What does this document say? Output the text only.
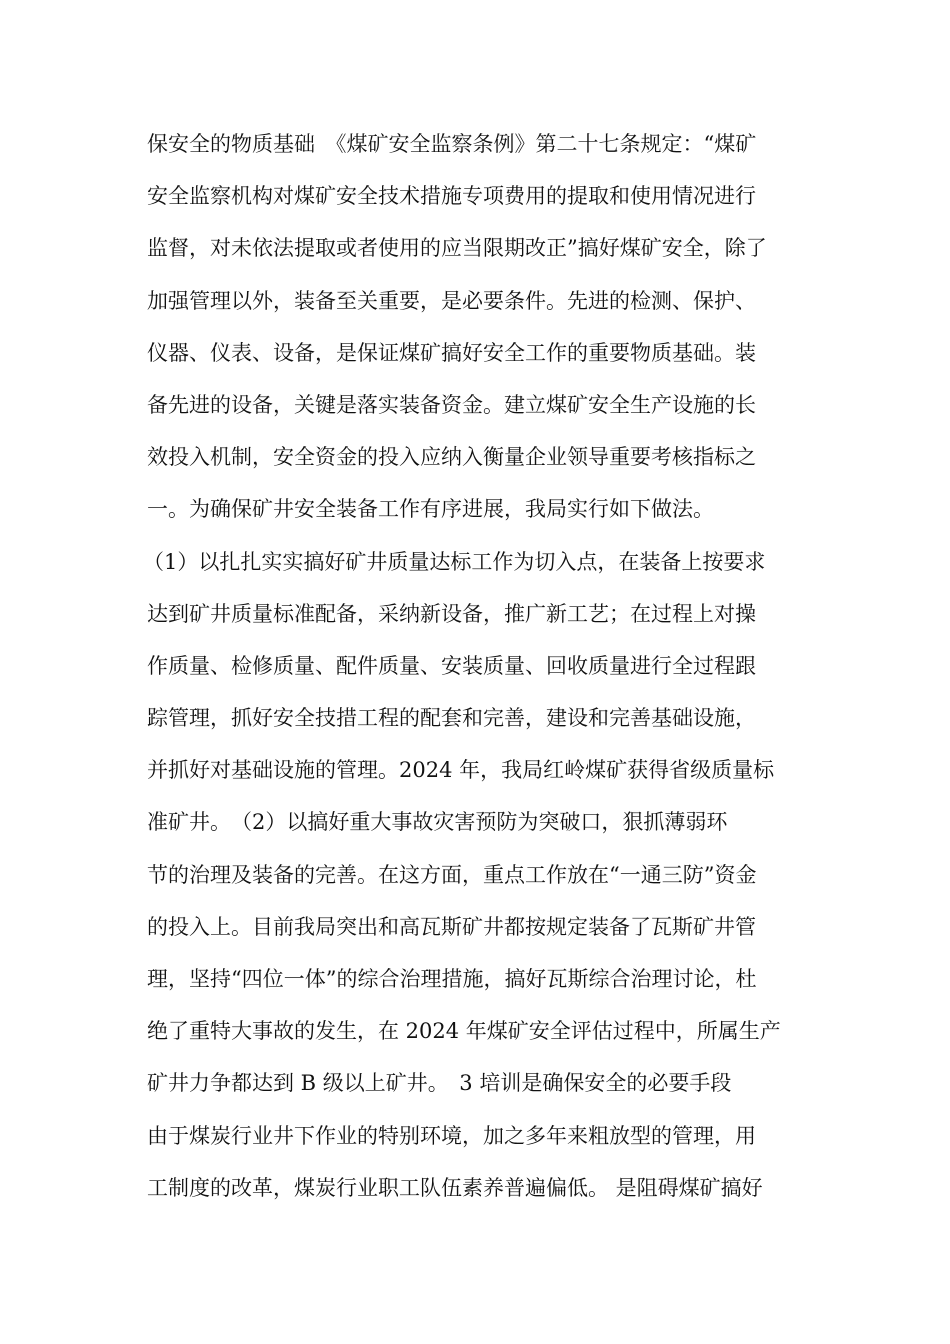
保安全的物质基础　《煤矿安全监察条例》第二十七条规定：“煤矿
安全监察机构对煤矿安全技术措施专项费用的提取和使用情况进行
监督，对未依法提取或者使用的应当限期改正”搞好煤矿安全，除了
加强管理以外，装备至关重要，是必要条件。先进的检测、保护、
仪器、仪表、设备，是保证煤矿搞好安全工作的重要物质基础。装
备先进的设备，关键是落实装备资金。建立煤矿安全生产设施的长
效投入机制，安全资金的投入应纳入衡量企业领导重要考核指标之
一。为确保矿井安全装备工作有序进展，我局实行如下做法。
（1）以扎扎实实搞好矿井质量达标工作为切入点，在装备上按要求
达到矿井质量标准配备，采纳新设备，推广新工艺；在过程上对操
作质量、检修质量、配件质量、安装质量、回收质量进行全过程跟
踪管理，抓好安全技措工程的配套和完善，建设和完善基础设施，
并抓好对基础设施的管理。2024 年，我局红岭煤矿获得省级质量标
准矿井。　（2）以搞好重大事故灾害预防为突破口，狠抓薄弱环
节的治理及装备的完善。在这方面，重点工作放在“一通三防”资金
的投入上。目前我局突出和高瓦斯矿井都按规定装备了瓦斯矿井管
理，坚持“四位一体”的综合治理措施，搞好瓦斯综合治理讨论，杜
绝了重特大事故的发生，在 2024 年煤矿安全评估过程中，所属生产
矿井力争都达到 B 级以上矿井。　3 培训是确保安全的必要手段
由于煤炭行业井下作业的特别环境，加之多年来粗放型的管理，用
工制度的改革，煤炭行业职工队伍素养普遍偏低。 是阻碍煤矿搞好
